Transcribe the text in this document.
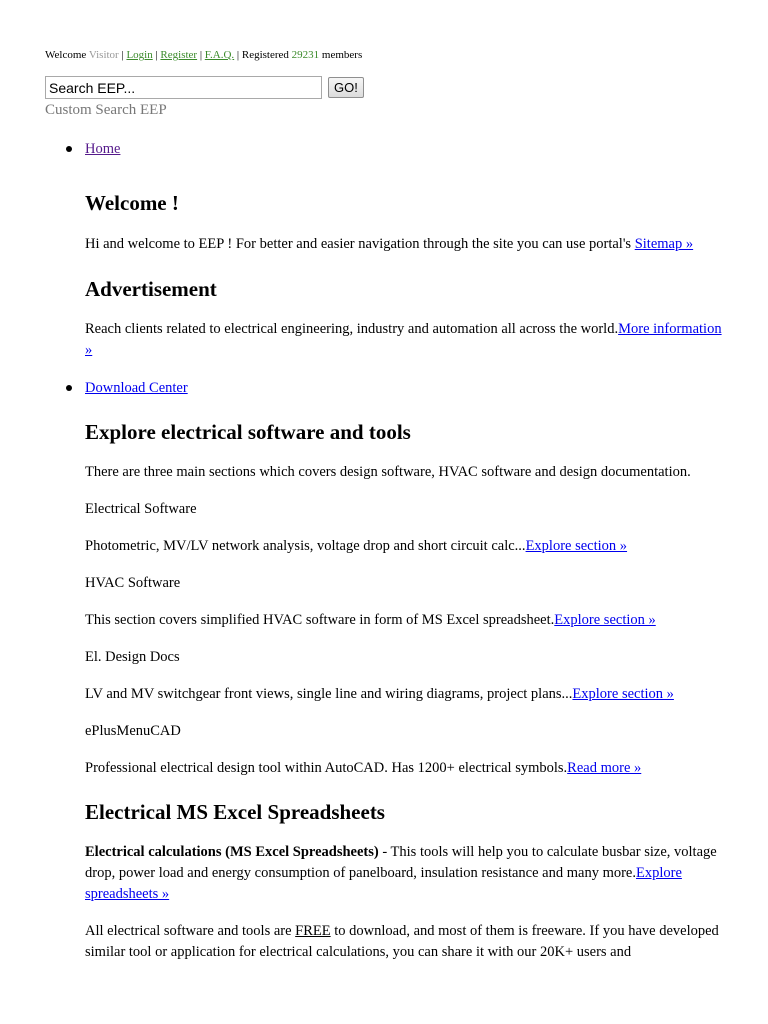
Welcome Visitor | Login | Register | F.A.Q. | Registered 29231 members
Search EEP...GO!
Custom Search EEP
Home
Welcome !

Hi and welcome to EEP ! For better and easier navigation through the site you can use portal's Sitemap »

Advertisement

Reach clients related to electrical engineering, industry and automation all across the world.More information »

Download Center
Explore electrical software and tools

There are three main sections which covers design software, HVAC software and design documentation.

Electrical Software

Photometric, MV/LV network analysis, voltage drop and short circuit calc...Explore section »

HVAC Software

This section covers simplified HVAC software in form of MS Excel spreadsheet.Explore section »

El. Design Docs

LV and MV switchgear front views, single line and wiring diagrams, project plans...Explore section »

ePlusMenuCAD

Professional electrical design tool within AutoCAD. Has 1200+ electrical symbols.Read more »

Electrical MS Excel Spreadsheets

Electrical calculations (MS Excel Spreadsheets) - This tools will help you to calculate busbar size, voltage drop, power load and energy consumption of panelboard, insulation resistance and many more.Explore spreadsheets »

All electrical software and tools are FREE to download, and most of them is freeware. If you have developed similar tool or application for electrical calculations, you can share it with our 20K+ users and
